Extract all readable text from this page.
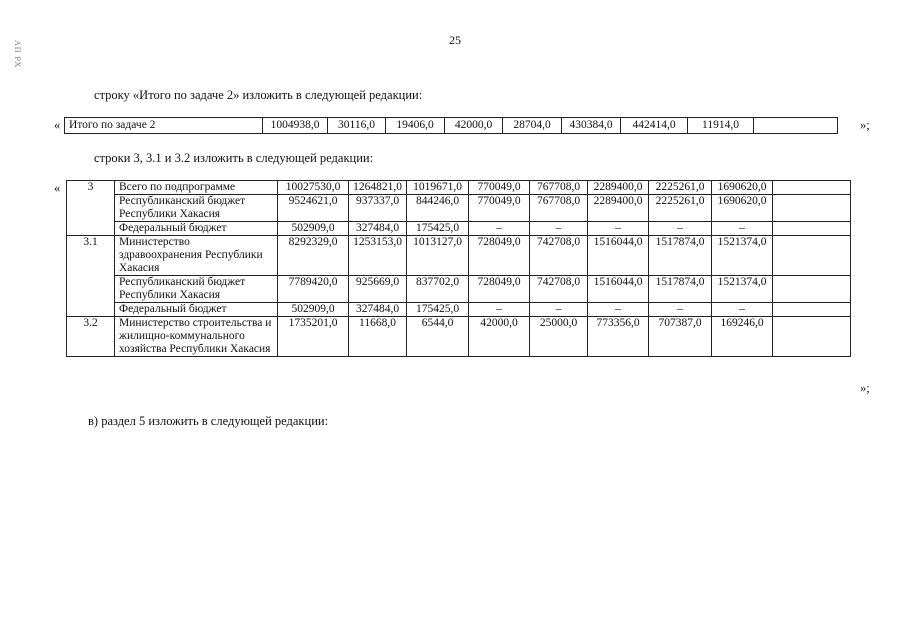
25
АП РХ
строку «Итого по задаче 2» изложить в следующей редакции:
« Итого по задаче 2	1004938,0	30116,0	19406,0	42000,0	28704,0	430384,0	442414,0	11914,0		»;
строки 3, 3.1 и 3.2 изложить в следующей редакции:
« 3	Всего по подпрограмме	10027530,0	1264821,0	1019671,0	770049,0	767708,0	2289400,0	2225261,0	1690620,0	
	Республиканский бюджет Республики Хакасия	9524621,0	937337,0	844246,0	770049,0	767708,0	2289400,0	2225261,0	1690620,0	
	Федеральный бюджет	502909,0	327484,0	175425,0	–	–	–	–	–	
3.1	Министерство здравоохранения Республики Хакасия	8292329,0	1253153,0	1013127,0	728049,0	742708,0	1516044,0	1517874,0	1521374,0	
	Республиканский бюджет Республики Хакасия	7789420,0	925669,0	837702,0	728049,0	742708,0	1516044,0	1517874,0	1521374,0	
	Федеральный бюджет	502909,0	327484,0	175425,0	–	–	–	–	–	
3.2	Министерство строительства и жилищно-коммунального хозяйства Республики Хакасия	1735201,0	11668,0	6544,0	42000,0	25000,0	773356,0	707387,0	169246,0	
»;
в) раздел 5 изложить в следующей редакции:
